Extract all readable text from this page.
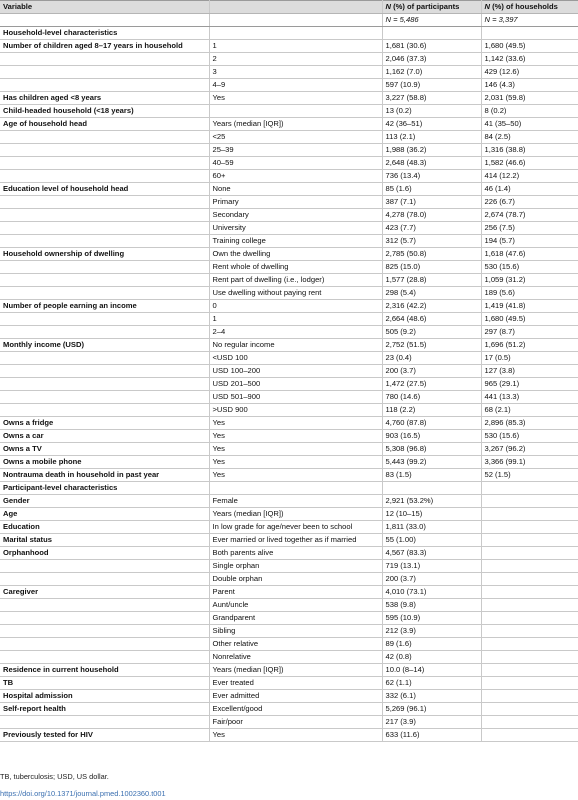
Variable		N (%) of participants	N (%) of households
		N = 5,486	N = 3,397
Household-level characteristics			
Number of children aged 8–17 years in household	1	1,681 (30.6)	1,680 (49.5)
	2	2,046 (37.3)	1,142 (33.6)
	3	1,162 (7.0)	429 (12.6)
	4–9	597 (10.9)	146 (4.3)
Has children aged <8 years	Yes	3,227 (58.8)	2,031 (59.8)
Child-headed household (<18 years)		13 (0.2)	8 (0.2)
Age of household head	Years (median [IQR])	42 (36–51)	41 (35–50)
	<25	113 (2.1)	84 (2.5)
	25–39	1,988 (36.2)	1,316 (38.8)
	40–59	2,648 (48.3)	1,582 (46.6)
	60+	736 (13.4)	414 (12.2)
Education level of household head	None	85 (1.6)	46 (1.4)
	Primary	387 (7.1)	226 (6.7)
	Secondary	4,278 (78.0)	2,674 (78.7)
	University	423 (7.7)	256 (7.5)
	Training college	312 (5.7)	194 (5.7)
Household ownership of dwelling	Own the dwelling	2,785 (50.8)	1,618 (47.6)
	Rent whole of dwelling	825 (15.0)	530 (15.6)
	Rent part of dwelling (i.e., lodger)	1,577 (28.8)	1,059 (31.2)
	Use dwelling without paying rent	298 (5.4)	189 (5.6)
Number of people earning an income	0	2,316 (42.2)	1,419 (41.8)
	1	2,664 (48.6)	1,680 (49.5)
	2–4	505 (9.2)	297 (8.7)
Monthly income (USD)	No regular income	2,752 (51.5)	1,696 (51.2)
	<USD 100	23 (0.4)	17 (0.5)
	USD 100–200	200 (3.7)	127 (3.8)
	USD 201–500	1,472 (27.5)	965 (29.1)
	USD 501–900	780 (14.6)	441 (13.3)
	>USD 900	118 (2.2)	68 (2.1)
Owns a fridge	Yes	4,760 (87.8)	2,896 (85.3)
Owns a car	Yes	903 (16.5)	530 (15.6)
Owns a TV	Yes	5,308 (96.8)	3,267 (96.2)
Owns a mobile phone	Yes	5,443 (99.2)	3,366 (99.1)
Nontrauma death in household in past year	Yes	83 (1.5)	52 (1.5)
Participant-level characteristics			
Gender	Female	2,921 (53.2%)	
Age	Years (median [IQR])	12 (10–15)	
Education	In low grade for age/never been to school	1,811 (33.0)	
Marital status	Ever married or lived together as if married	55 (1.00)	
Orphanhood	Both parents alive	4,567 (83.3)	
	Single orphan	719 (13.1)	
	Double orphan	200 (3.7)	
Caregiver	Parent	4,010 (73.1)	
	Aunt/uncle	538 (9.8)	
	Grandparent	595 (10.9)	
	Sibling	212 (3.9)	
	Other relative	89 (1.6)	
	Nonrelative	42 (0.8)	
Residence in current household	Years (median [IQR])	10.0 (8–14)	
TB	Ever treated	62 (1.1)	
Hospital admission	Ever admitted	332 (6.1)	
Self-report health	Excellent/good	5,269 (96.1)	
	Fair/poor	217 (3.9)	
Previously tested for HIV	Yes	633 (11.6)	
TB, tuberculosis; USD, US dollar.
https://doi.org/10.1371/journal.pmed.1002360.t001
